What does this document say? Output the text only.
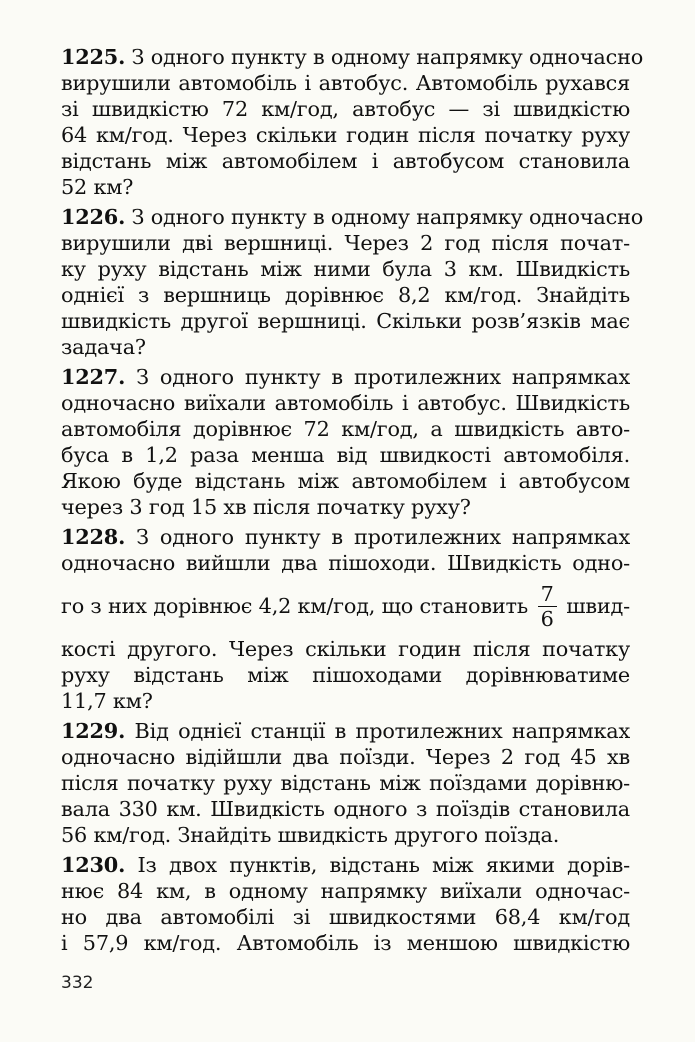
1225. З одного пункту в одному напрямку одночасно
вирушили автомобіль і автобус. Автомобіль рухався
зі швидкістю 72 км/год, автобус — зі швидкістю
64 км/год. Через скільки годин після початку руху
відстань між автомобілем і автобусом становила
52 км?
1226. З одного пункту в одному напрямку одночасно
вирушили дві вершниці. Через 2 год після почат-
ку руху відстань між ними була 3 км. Швидкість
однієї з вершниць дорівнює 8,2 км/год. Знайдіть
швидкість другої вершниці. Скільки розв’язків має
задача?
1227. З одного пункту в протилежних напрямках
одночасно виїхали автомобіль і автобус. Швидкість
автомобіля дорівнює 72 км/год, а швидкість авто-
буса в 1,2 раза менша від швидкості автомобіля.
Якою буде відстань між автомобілем і автобусом
через 3 год 15 хв після початку руху?
1228. З одного пункту в протилежних напрямках
одночасно вийшли два пішоходи. Швидкість одно-
го з них дорівнює 4,2 км/год, що становить $\frac{7}{6}$ швид-
кості другого. Через скільки годин після початку
руху відстань між пішоходами дорівнюватиме
11,7 км?
1229. Від однієї станції в протилежних напрямках
одночасно відійшли два поїзди. Через 2 год 45 хв
після початку руху відстань між поїздами дорівню-
вала 330 км. Швидкість одного з поїздів становила
56 км/год. Знайдіть швидкість другого поїзда.
1230. Із двох пунктів, відстань між якими дорів-
нює 84 км, в одному напрямку виїхали одночас-
но два автомобілі зі швидкостями 68,4 км/год
і 57,9 км/год. Автомобіль із меншою швидкістю
332
